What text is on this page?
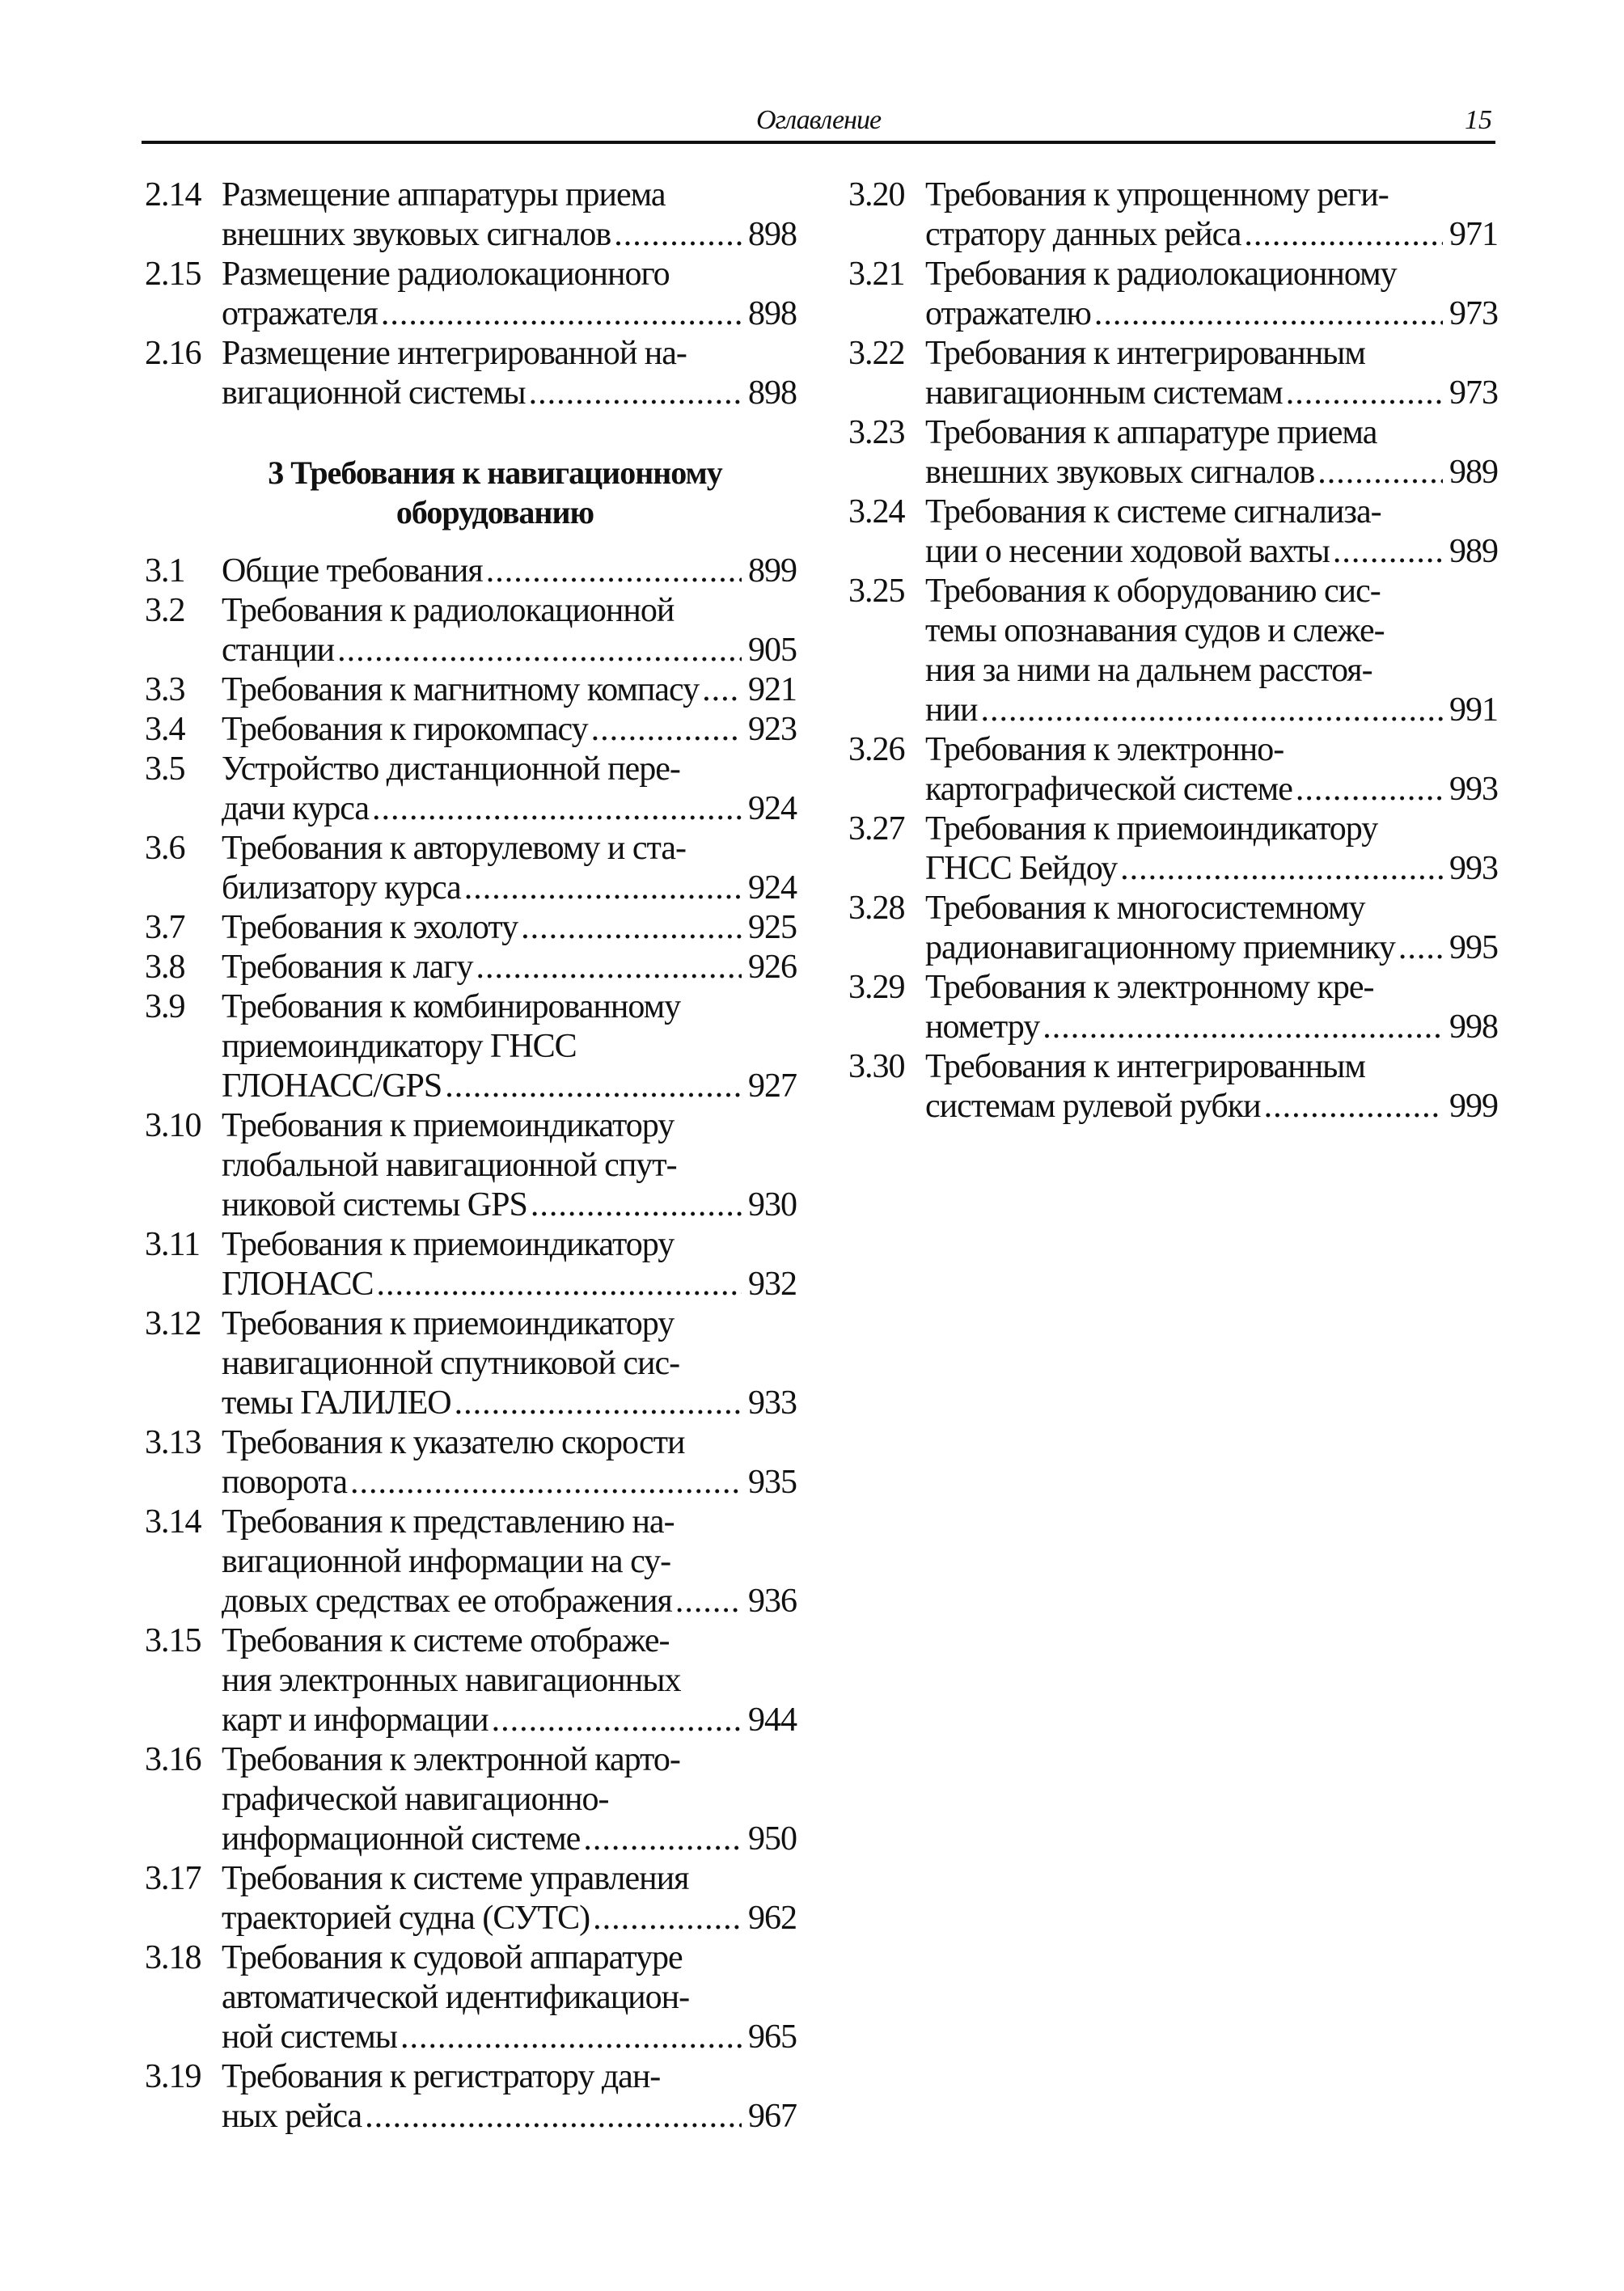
Оглавление	15
2.14 Размещение аппаратуры приема
внешних звуковых сигналов .....	898
2.15 Размещение радиолокационного
отражателя .....	898
2.16 Размещение интегрированной на-
вигационной системы .....	898
3 Требования к навигационному
оборудованию
3.1	Общие требования .....	899
3.2	Требования к радиолокационной
станции .....	905
3.3	Требования к магнитному компасу ..... 921
3.4	Требования к гирокомпасу .....	923
3.5	Устройство дистанционной пере-
дачи курса .....	924
3.6	Требования к авторулевому и ста-
билизатору курса .....	924
3.7	Требования к эхолоту .....	925
3.8	Требования к лагу .....	926
3.9	Требования к комбинированному
приемоиндикатору ГНСС
ГЛОНАСС/GPS .....	927
3.10 Требования к приемоиндикатору
глобальной навигационной спут-
никовой системы GPS .....	930
3.11 Требования к приемоиндикатору
ГЛОНАСС .....	932
3.12 Требования к приемоиндикатору
навигационной спутниковой сис-
темы ГАЛИЛЕО .....	933
3.13 Требования к указателю скорости
поворота .....	935
3.14 Требования к представлению на-
вигационной информации на су-
довых средствах ее отображения ..... 936
3.15 Требования к системе отображе-
ния электронных навигационных
карт и информации .....	944
3.16 Требования к электронной карто-
графической навигационно-
информационной системе .....	950
3.17 Требования к системе управления
траекторией судна (СУТС) .....	962
3.18 Требования к судовой аппаратуре
автоматической идентификацион-
ной системы .....	965
3.19 Требования к регистратору дан-
ных рейса .....	967
3.20 Требования к упрощенному реги-
стратору данных рейса .....	971
3.21 Требования к радиолокационному
отражателю .....	973
3.22 Требования к интегрированным
навигационным системам .....	973
3.23 Требования к аппаратуре приема
внешних звуковых сигналов .....	989
3.24 Требования к системе сигнализа-
ции о несении ходовой вахты .....	989
3.25 Требования к оборудованию сис-
темы опознавания судов и слеже-
ния за ними на дальнем расстоя-
нии .....	991
3.26 Требования к электронно-
картографической системе .....	993
3.27 Требования к приемоиндикатору
ГНСС Бейдоу .....	993
3.28 Требования к многосистемному
радионавигационному приемнику ..... 995
3.29 Требования к электронному кре-
нометру .....	998
3.30 Требования к интегрированным
системам рулевой рубки .....	999
